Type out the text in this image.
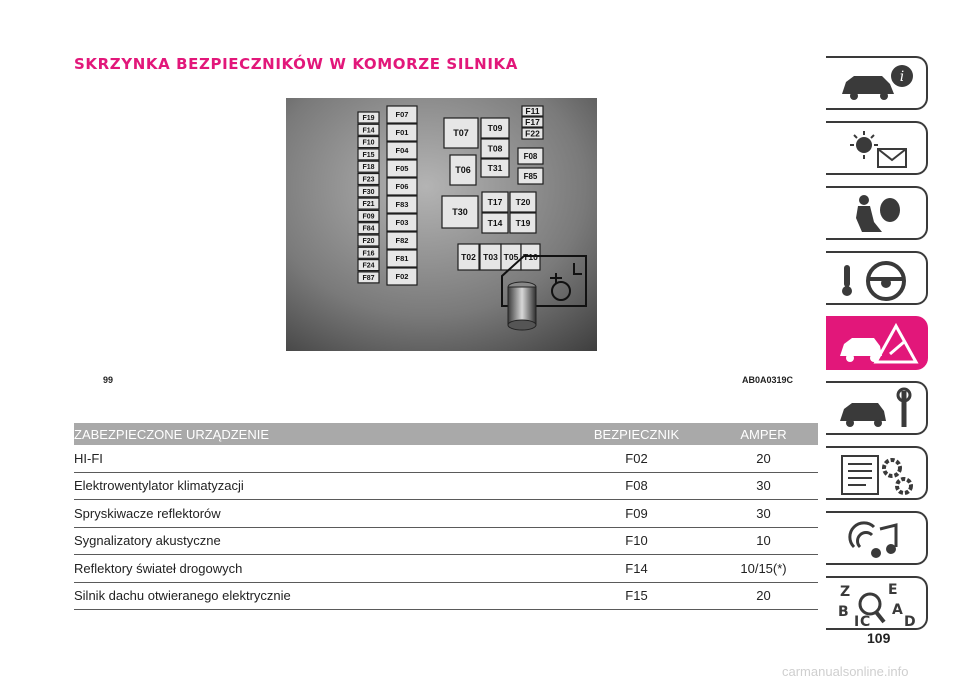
SKRZYNKA BEZPIECZNIKÓW W KOMORZE SILNIKA
F19
F14
F10
F15
F18
F23
F30
F21
F09
F84
F20
F16
F24
F87
F07
F01
F04
F05
F06
F83
F03
F82
F81
F02
T07
T06
T30
T09
T08
T31
T17 T20
T14 T19
T02 T03 T05 T10
F11
F17
F22
F08
F85
99	AB0A0319C
ZABEZPIECZONE URZĄDZENIE	BEZPIECZNIK	AMPER
HI-FI	F02	20
Elektrowentylator klimatyzacji	F08	30
Spryskiwacze reflektorów	F09	30
Sygnalizatory akustyczne	F10	10
Reflektory świateł drogowych	F14	10/15(*)
Silnik dachu otwieranego elektrycznie	F15	20
i
Z	E
B	A
I C D
109
carmanualsonline.info
